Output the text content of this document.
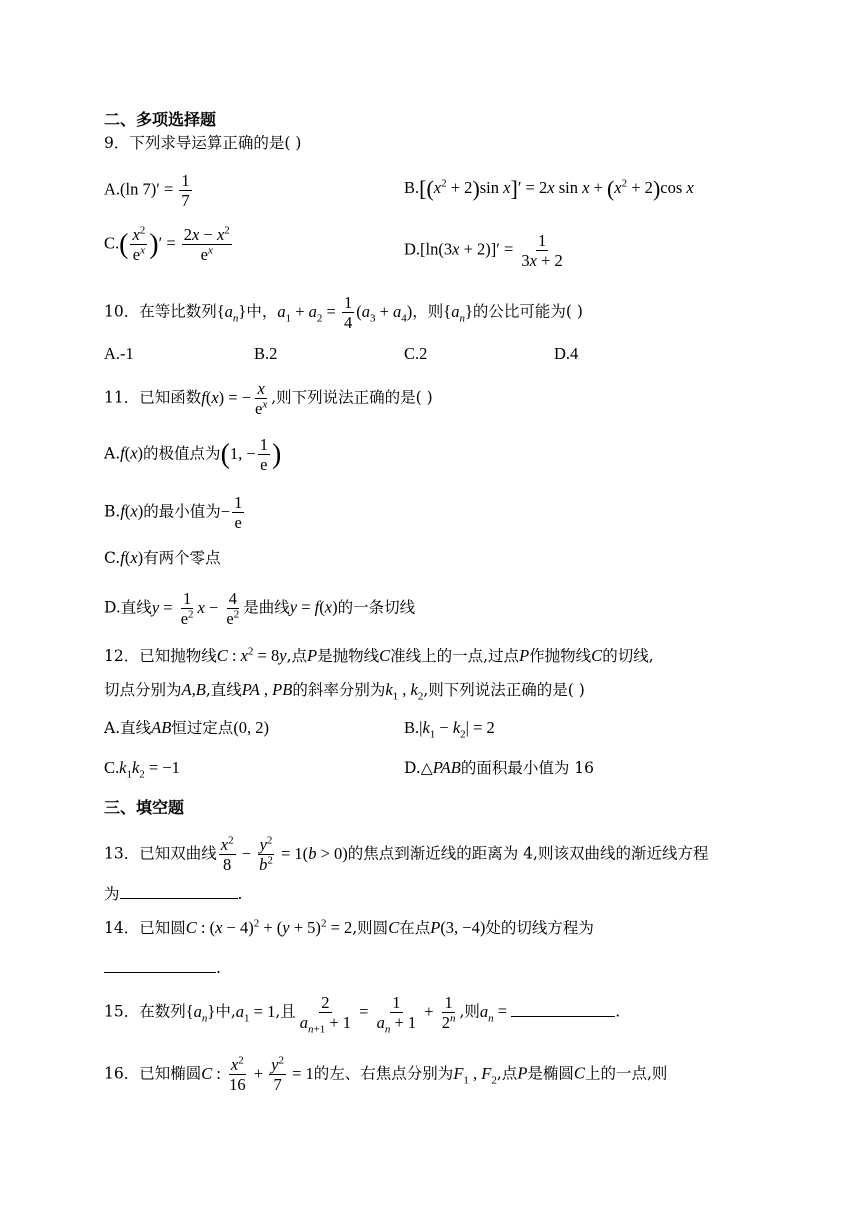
二、多项选择题
9．下列求导运算正确的是( )
A.(ln $7)' = \frac{1}{7}$	$B.[(x^2 + 2)\sin$ x]′ = 2x $\sin x + (x^2 + 2)\cos$ x
$C.( \frac{x^2}{e^x}$ )′ = $\frac{2x - x^2}{e^x}$	$D.[\ln(3x + 2)]' = \frac{1}{3x + 2}$
10．在等比数列$\{a_n\}$中，$a_1 + a_2 = \frac{1}{4} (a_3 + a_4)$，则$\{a_n\}$的公比可能为( )
A.-1	B.2	C.2	D.4
11．已知函数f(x) = − $\frac{x}{e^x}$ ,则下列说法正确的是( )
A.f(x)的极值点为(1, − $\frac{1}{e}$ )
B.f(x)的最小值为− $\frac{1}{e}$
C.f(x)有两个零点
D.直线$y = \frac{1}{e^2}$ $x - \frac{4}{e^2}$ 是曲线y = f(x)的一条切线
12．已知抛物线C : $x^2 = 8y$,点P是抛物线C准线上的一点,过点P作抛物线C的切线,
切点分别为A,B,直线PA , PB的斜率分别为$k_1$ , $k_2$,则下列说法正确的是( )
A.直线AB恒过定点(0, 2)	$B.|k_1 - k_2| = 2$
$C.k_1k_2 = -1$	D.△PAB的面积最小值为 16
三、填空题
13．已知双曲线 $\frac{x^2}{8} - \frac{y^2}{b^2} = 1(b > 0)$的焦点到渐近线的距离为 4,则该双曲线的渐近线方程
为	.
14．已知圆C : $(x - 4)^2 + (y + 5)^2 = 2$,则圆C在点P(3, −4)处的切线方程为
.
15．在数列$\{a_n\}$中$,a_1 = 1$,且 $\frac{2}{a_{n+1} + 1} = \frac{1}{a_n + 1} + \frac{1}{2^n}$ ,则$a_n$ =	.
16．已知椭圆C : $\frac{x^2}{16} + \frac{y^2}{7} = 1$的左、右焦点分别为$F_1$ , $F_2$,点P是椭圆C上的一点,则
